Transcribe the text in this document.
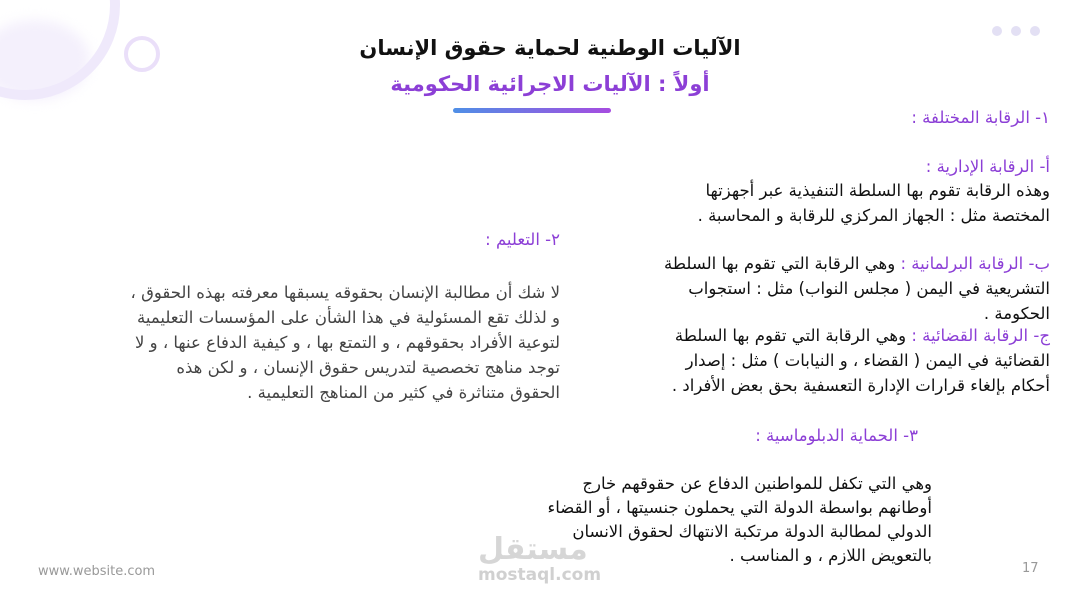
الآليات الوطنية لحماية حقوق الإنسان
أولاً : الآليات الاجرائية الحكومية
١- الرقابة المختلفة :
أ- الرقابة الإدارية :
وهذه الرقابة تقوم بها السلطة التنفيذية عبر أجهزتها
المختصة مثل : الجهاز المركزي للرقابة و المحاسبة .
ب- الرقابة البرلمانية : وهي الرقابة التي تقوم بها السلطة
التشريعية في اليمن ( مجلس النواب) مثل : استجواب
الحكومة .
ج- الرقابة القضائية : وهي الرقابة التي تقوم بها السلطة
القضائية في اليمن ( القضاء ، و النيابات ) مثل : إصدار
أحكام بإلغاء قرارات الإدارة التعسفية بحق بعض الأفراد .
٣- الحماية الدبلوماسية :
وهي التي تكفل للمواطنين الدفاع عن حقوقهم خارج
أوطانهم بواسطة الدولة التي يحملون جنسيتها ، أو القضاء
الدولي لمطالبة الدولة مرتكبة الانتهاك لحقوق الانسان
بالتعويض اللازم ، و المناسب .
٢- التعليم :
لا شك أن مطالبة الإنسان بحقوقه يسبقها معرفته بهذه الحقوق ،
و لذلك تقع المسئولية في هذا الشأن على المؤسسات التعليمية
لتوعية الأفراد بحقوقهم ، و التمتع بها ، و كيفية الدفاع عنها ، و لا
توجد مناهج تخصصية لتدريس حقوق الإنسان ، و لكن هذه
الحقوق متناثرة في كثير من المناهج التعليمية .
مستقل
mostaql.com
www.website.com	17
